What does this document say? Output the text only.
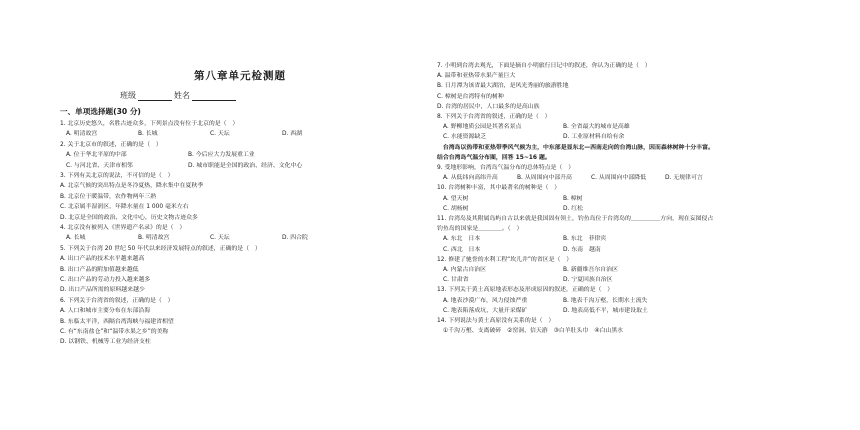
第八章单元检测题
班级	姓名
一、单项选择题(30 分)
1. 北京历史悠久，名胜古迹众多，下列景点没有位于北京的是（　）
A. 明清故宫	B. 长城	C. 天坛	D. 西湖
2. 关于北京市的叙述，正确的是（　）
A. 位于华北平原的中部	B. 今后应大力发展重工业
C. 与河北省、天津市相邻	D. 城市职能是全国的政治、经济、文化中心
3. 下列有关北京的说法，不可信的是（　）
A. 北京气候的突出特点是冬冷夏热，降水集中在夏秋季
B. 北京位于暖温带，农作物两年三熟
C. 北京属半湿润区，年降水量在 1 000 毫米左右
D. 北京是全国的政治、文化中心，历史文物古迹众多
4. 北京没有被列入《世界遗产名录》的是（　）
A. 长城	B. 明清故宫	C. 天坛	D. 四合院
5. 下列关于台湾 20 世纪 50 年代以来经济发展特点的叙述，正确的是（　）
A. 出口产品的技术水平越来越高
B. 出口产品的附加值越来越低
C. 出口产品的劳动力投入越来越多
D. 出口产品所需的原料越来越少
6. 下列关于台湾省的叙述，正确的是（　）
A. 人口和城市主要分布在东部沿海
B. 东临太平洋，西隔台湾海峡与福建省相望
C. 有“东南盐仓”和“温带水果之乡”的美称
D. 以钢铁、机械等工业为经济支柱
7. 小明到台湾去观光，下面是摘自小明旅行日记中的叙述，你认为正确的是（　）
A. 温带和亚热带水果产量巨大
B. 日月潭为该省最大湖泊，是风光秀丽的旅游胜地
C. 樟树是台湾特有的树种
D. 台湾的居民中，人口最多的是高山族
8. 下列关于台湾省的叙述，正确的是（　）
A. 野柳地质公园是其著名景点	B. 全省最大的城市是高雄
C. 水能资源缺乏	D. 工业原材料自给有余
　台湾岛以热带和亚热带季风气候为主，中东部是显东北—西南走向的台湾山脉，因而森林树种十分丰富。
结合台湾岛气温分布图，回答 15~16 题。
9. 受地形影响，台湾岛气温分布的总体特点是（　）
A. 从低纬向高纬升高	B. 从周围向中部升高	C. 从周围向中部降低	D. 无规律可言
10. 台湾树种丰富，其中最著名的树种是（　）
A. 望天树	B. 樟树
C. 胡杨树	D. 红松
11. 台湾岛及其附属岛屿自古以来就是我国固有领土，钓鱼岛位于台湾岛的＿＿＿＿＿方向，现在妄图侵占
钓鱼岛的国家是＿＿＿＿。（　）
A. 东北　日本	B. 东北　菲律宾
C. 西北　日本	D. 东南　越南
12. 修建了驰誉的水利工程“坎儿井”的省区是（　）
A. 内蒙古自治区	B. 新疆维吾尔自治区
C. 甘肃省	D. 宁夏回族自治区
13. 下列关于黄土高原地表形态及形成原因的叙述，正确的是（　）
A. 地表沙漠广布，风力侵蚀严重	B. 地表千沟万壑，长期水土流失
C. 地表陷落成坑，大量开采煤矿	D. 地表高低不平，城市建设取土
14. 下列说法与黄土高原没有关系的是（　）
　①千沟万壑、支离破碎　②窑洞、信天游　③白羊肚头巾　④白山黑水
